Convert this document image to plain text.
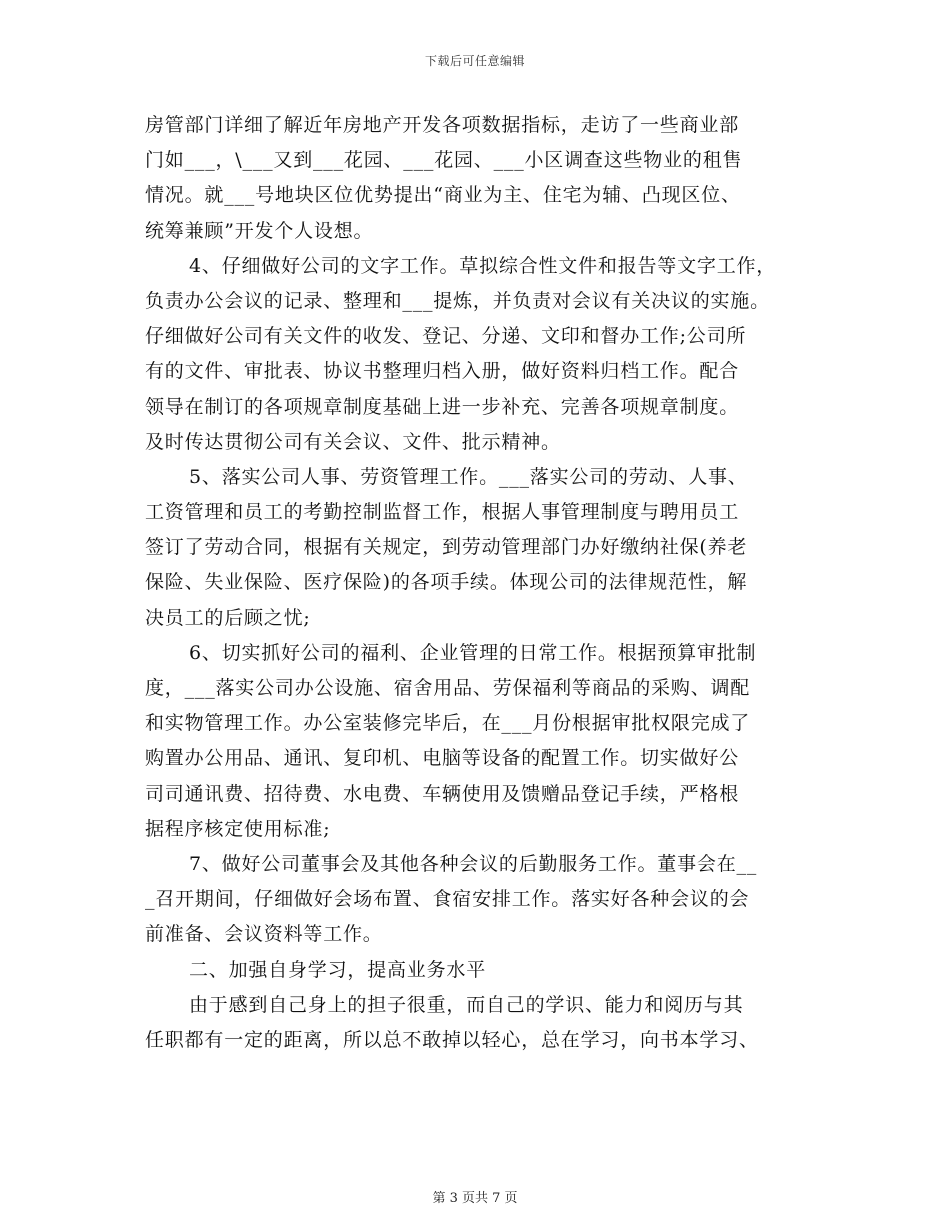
下载后可任意编辑
房管部门详细了解近年房地产开发各项数据指标，走访了一些商业部
门如___，\___又到___花园、___花园、___小区调查这些物业的租售
情况。就___号地块区位优势提出“商业为主、住宅为辅、凸现区位、
统筹兼顾”开发个人设想。
4、仔细做好公司的文字工作。草拟综合性文件和报告等文字工作，
负责办公会议的记录、整理和___提炼，并负责对会议有关决议的实施。
仔细做好公司有关文件的收发、登记、分递、文印和督办工作;公司所
有的文件、审批表、协议书整理归档入册，做好资料归档工作。配合
领导在制订的各项规章制度基础上进一步补充、完善各项规章制度。
及时传达贯彻公司有关会议、文件、批示精神。
5、落实公司人事、劳资管理工作。___落实公司的劳动、人事、
工资管理和员工的考勤控制监督工作，根据人事管理制度与聘用员工
签订了劳动合同，根据有关规定，到劳动管理部门办好缴纳社保(养老
保险、失业保险、医疗保险)的各项手续。体现公司的法律规范性，解
决员工的后顾之忧;
6、切实抓好公司的福利、企业管理的日常工作。根据预算审批制
度，___落实公司办公设施、宿舍用品、劳保福利等商品的采购、调配
和实物管理工作。办公室装修完毕后，在___月份根据审批权限完成了
购置办公用品、通讯、复印机、电脑等设备的配置工作。切实做好公
司司通讯费、招待费、水电费、车辆使用及馈赠品登记手续，严格根
据程序核定使用标准;
7、做好公司董事会及其他各种会议的后勤服务工作。董事会在__
_召开期间，仔细做好会场布置、食宿安排工作。落实好各种会议的会
前准备、会议资料等工作。
二、加强自身学习，提高业务水平
由于感到自己身上的担子很重，而自己的学识、能力和阅历与其
任职都有一定的距离，所以总不敢掉以轻心，总在学习，向书本学习、
第 3 页共 7 页
